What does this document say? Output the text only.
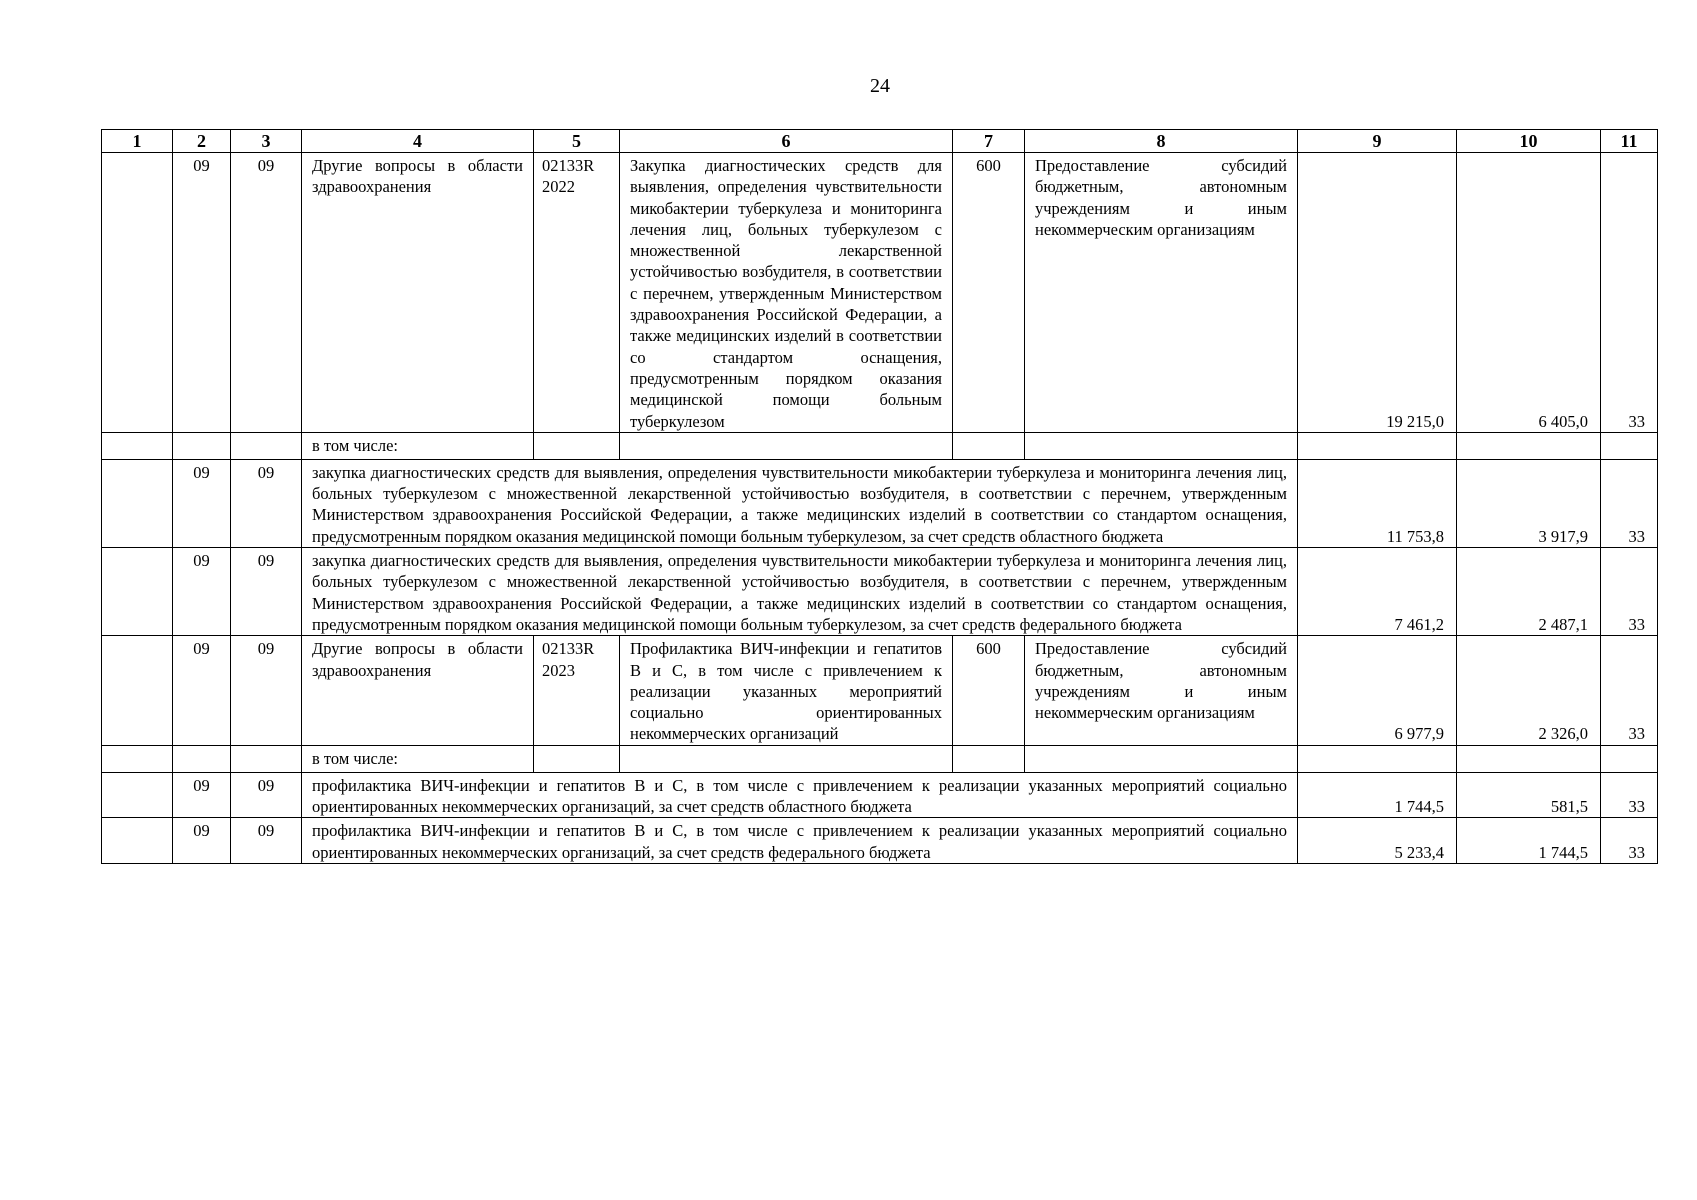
24
1	2	3	4	5	6	7	8	9	10	11
	09	09	Другие вопросы в области здравоохранения	02133R 2022	Закупка диагностических средств для выявления, определения чувствительности микобактерии туберкулеза и мониторинга лечения лиц, больных туберкулезом с множественной лекарственной устойчивостью возбудителя, в соответствии с перечнем, утвержденным Министерством здравоохранения Российской Федерации, а также медицинских изделий в соответствии со стандартом оснащения, предусмотренным порядком оказания медицинской помощи больным туберкулезом	600	Предоставление субсидий бюджетным, автономным учреждениям и иным некоммерческим организациям	19 215,0	6 405,0	33
			в том числе:							
	09	09	закупка диагностических средств для выявления, определения чувствительности микобактерии туберкулеза и мониторинга лечения лиц, больных туберкулезом с множественной лекарственной устойчивостью возбудителя, в соответствии с перечнем, утвержденным Министерством здравоохранения Российской Федерации, а также медицинских изделий в соответствии со стандартом оснащения, предусмотренным порядком оказания медицинской помощи больным туберкулезом, за счет средств областного бюджета					11 753,8	3 917,9	33
	09	09	закупка диагностических средств для выявления, определения чувствительности микобактерии туберкулеза и мониторинга лечения лиц, больных туберкулезом с множественной лекарственной устойчивостью возбудителя, в соответствии с перечнем, утвержденным Министерством здравоохранения Российской Федерации, а также медицинских изделий в соответствии со стандартом оснащения, предусмотренным порядком оказания медицинской помощи больным туберкулезом, за счет средств федерального бюджета					7 461,2	2 487,1	33
	09	09	Другие вопросы в области здравоохранения	02133R 2023	Профилактика ВИЧ-инфекции и гепатитов B и C, в том числе с привлечением к реализации указанных мероприятий социально ориентированных некоммерческих организаций	600	Предоставление субсидий бюджетным, автономным учреждениям и иным некоммерческим организациям	6 977,9	2 326,0	33
			в том числе:							
	09	09	профилактика ВИЧ-инфекции и гепатитов B и C, в том числе с привлечением к реализации указанных мероприятий социально ориентированных некоммерческих организаций, за счет средств областного бюджета					1 744,5	581,5	33
	09	09	профилактика ВИЧ-инфекции и гепатитов B и C, в том числе с привлечением к реализации указанных мероприятий социально ориентированных некоммерческих организаций, за счет средств федерального бюджета					5 233,4	1 744,5	33
